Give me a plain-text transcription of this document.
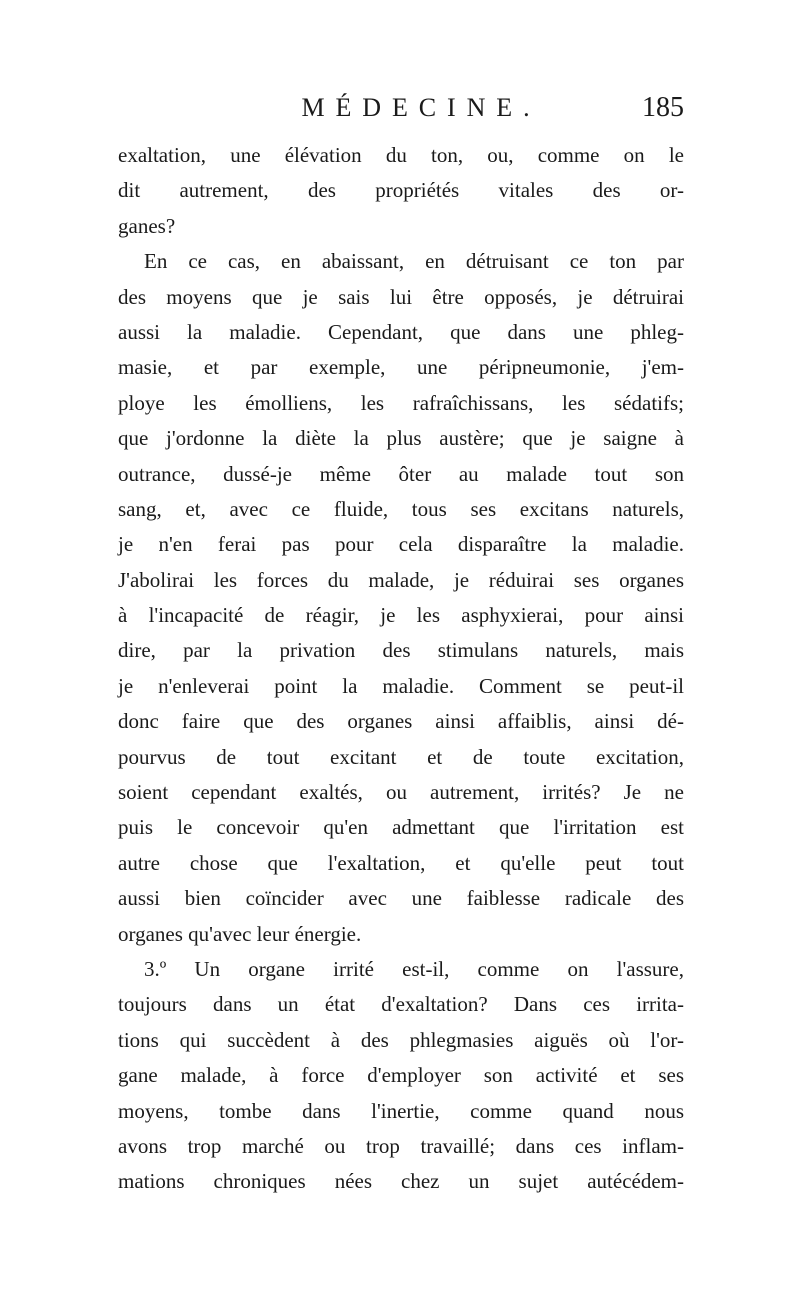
MÉDECINE.	185
exaltation, une élévation du ton, ou, comme on le
dit autrement, des propriétés vitales des or-
ganes?
En ce cas, en abaissant, en détruisant ce ton par
des moyens que je sais lui être opposés, je détruirai
aussi la maladie. Cependant, que dans une phleg-
masie, et par exemple, une péripneumonie, j'em-
ploye les émolliens, les rafraîchissans, les sédatifs;
que j'ordonne la diète la plus austère; que je saigne à
outrance, dussé-je même ôter au malade tout son
sang, et, avec ce fluide, tous ses excitans naturels,
je n'en ferai pas pour cela disparaître la maladie.
J'abolirai les forces du malade, je réduirai ses organes
à l'incapacité de réagir, je les asphyxierai, pour ainsi
dire, par la privation des stimulans naturels, mais
je n'enleverai point la maladie. Comment se peut-il
donc faire que des organes ainsi affaiblis, ainsi dé-
pourvus de tout excitant et de toute excitation,
soient cependant exaltés, ou autrement, irrités? Je ne
puis le concevoir qu'en admettant que l'irritation est
autre chose que l'exaltation, et qu'elle peut tout
aussi bien coïncider avec une faiblesse radicale des
organes qu'avec leur énergie.
3.º Un organe irrité est-il, comme on l'assure,
toujours dans un état d'exaltation? Dans ces irrita-
tions qui succèdent à des phlegmasies aiguës où l'or-
gane malade, à force d'employer son activité et ses
moyens, tombe dans l'inertie, comme quand nous
avons trop marché ou trop travaillé; dans ces inflam-
mations chroniques nées chez un sujet autécédem-
